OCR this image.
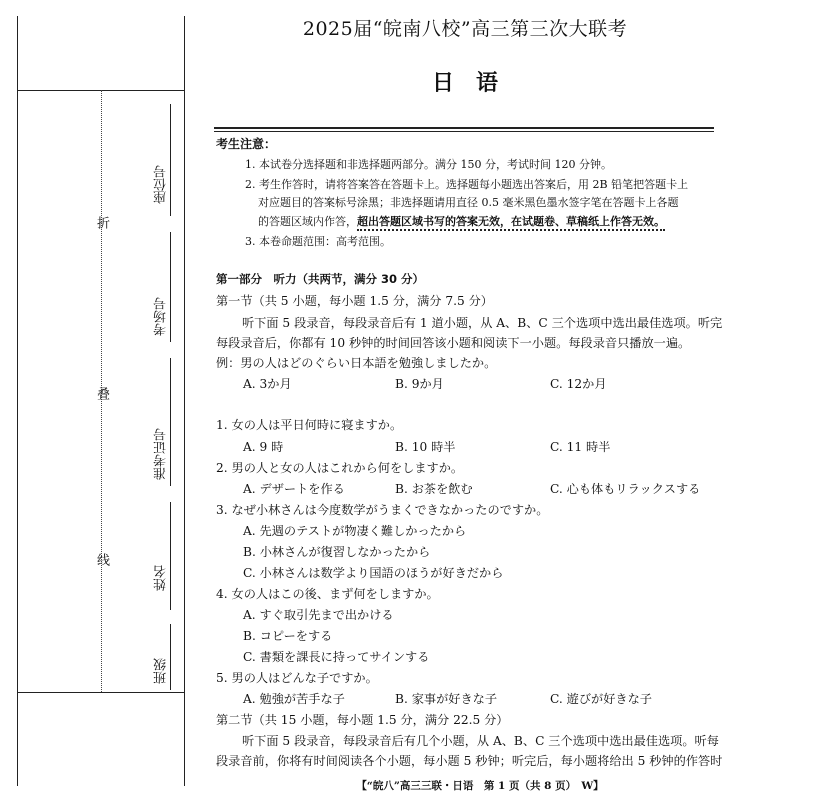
折
叠
线
座位号
考场号
准考证号
姓名
班级
2025届“皖南八校”高三第三次大联考
日　语
考生注意：
1. 本试卷分选择题和非选择题两部分。满分 150 分，考试时间 120 分钟。
2. 考生作答时，请将答案答在答题卡上。选择题每小题选出答案后，用 2B 铅笔把答题卡上
对应题目的答案标号涂黑；非选择题请用直径 0.5 毫米黑色墨水签字笔在答题卡上各题
的答题区域内作答，超出答题区域书写的答案无效，在试题卷、草稿纸上作答无效。
3. 本卷命题范围：高考范围。
第一部分　听力（共两节，满分 30 分）
第一节（共 5 小题，每小题 1.5 分，满分 7.5 分）
听下面 5 段录音，每段录音后有 1 道小题，从 A、B、C 三个选项中选出最佳选项。听完
每段录音后，你都有 10 秒钟的时间回答该小题和阅读下一小题。每段录音只播放一遍。
例：男の人はどのぐらい日本語を勉強しましたか。
A. 3か月	B. 9か月	C. 12か月
1. 女の人は平日何時に寝ますか。
A. 9 時	B. 10 時半	C. 11 時半
2. 男の人と女の人はこれから何をしますか。
A. デザートを作る	B. お茶を飲む	C. 心も体もリラックスする
3. なぜ小林さんは今度数学がうまくできなかったのですか。
A. 先週のテストが物凄く難しかったから
B. 小林さんが復習しなかったから
C. 小林さんは数学より国語のほうが好きだから
4. 女の人はこの後、まず何をしますか。
A. すぐ取引先まで出かける
B. コピーをする
C. 書類を課長に持ってサインする
5. 男の人はどんな子ですか。
A. 勉強が苦手な子	B. 家事が好きな子	C. 遊びが好きな子
第二节（共 15 小题，每小题 1.5 分，满分 22.5 分）
听下面 5 段录音，每段录音后有几个小题，从 A、B、C 三个选项中选出最佳选项。听每
段录音前，你将有时间阅读各个小题，每小题 5 秒钟；听完后，每小题将给出 5 秒钟的作答时
【“皖八”高三三联・日语　第 1 页（共 8 页）　W】
